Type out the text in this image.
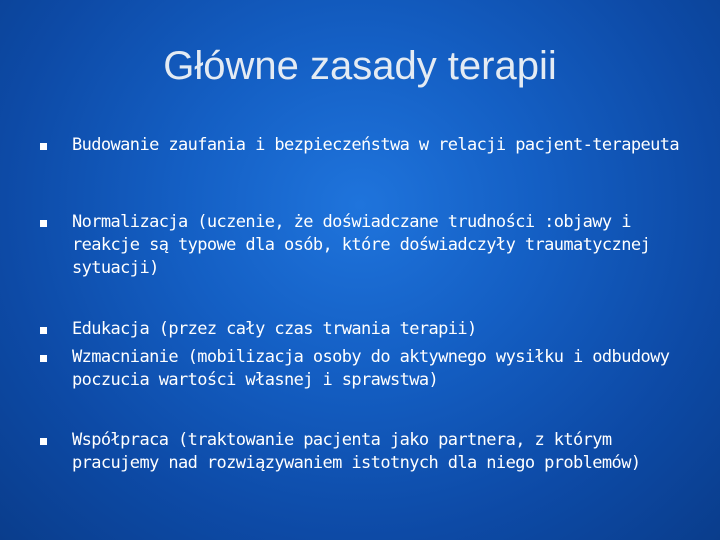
Główne zasady terapii
Budowanie zaufania i bezpieczeństwa w relacji pacjent-terapeuta
Normalizacja (uczenie, że doświadczane trudności :objawy i reakcje są typowe dla osób, które doświadczyły traumatycznej sytuacji)
Edukacja (przez cały czas trwania terapii)
Wzmacnianie (mobilizacja osoby do aktywnego wysiłku i odbudowy poczucia wartości własnej i sprawstwa)
Współpraca (traktowanie pacjenta jako partnera, z którym pracujemy nad rozwiązywaniem istotnych dla niego problemów)
